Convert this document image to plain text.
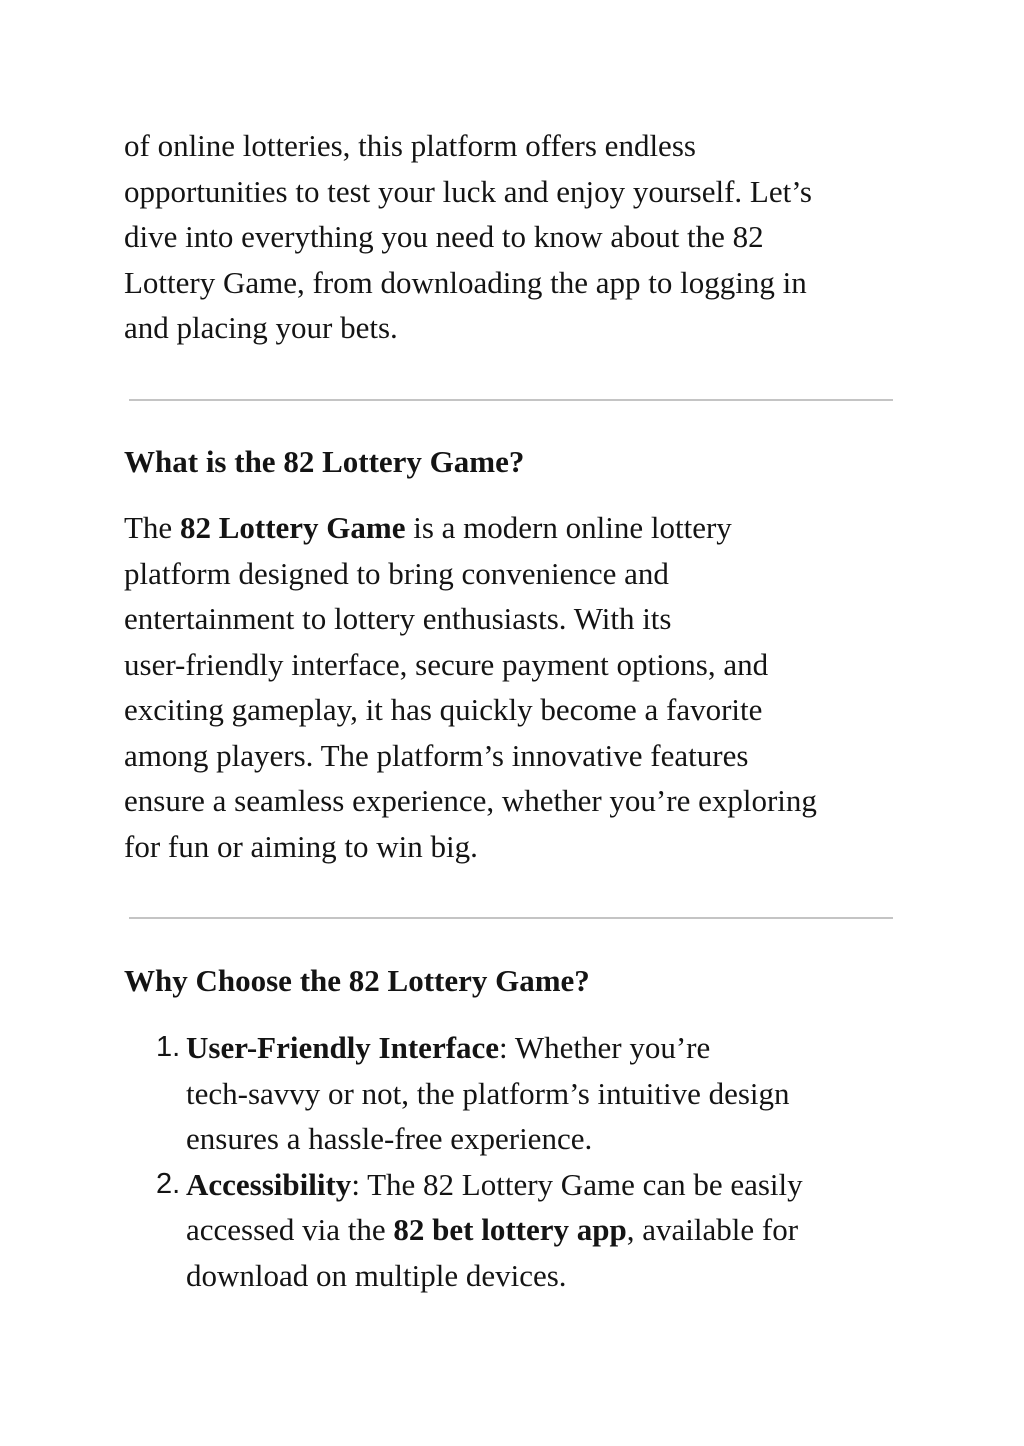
of online lotteries, this platform offers endless
opportunities to test your luck and enjoy yourself. Let’s
dive into everything you need to know about the 82
Lottery Game, from downloading the app to logging in
and placing your bets.
What is the 82 Lottery Game?
The 82 Lottery Game is a modern online lottery
platform designed to bring convenience and
entertainment to lottery enthusiasts. With its
user-friendly interface, secure payment options, and
exciting gameplay, it has quickly become a favorite
among players. The platform’s innovative features
ensure a seamless experience, whether you’re exploring
for fun or aiming to win big.
Why Choose the 82 Lottery Game?
1. User-Friendly Interface: Whether you’re
tech-savvy or not, the platform’s intuitive design
ensures a hassle-free experience.
2. Accessibility: The 82 Lottery Game can be easily
accessed via the 82 bet lottery app, available for
download on multiple devices.
